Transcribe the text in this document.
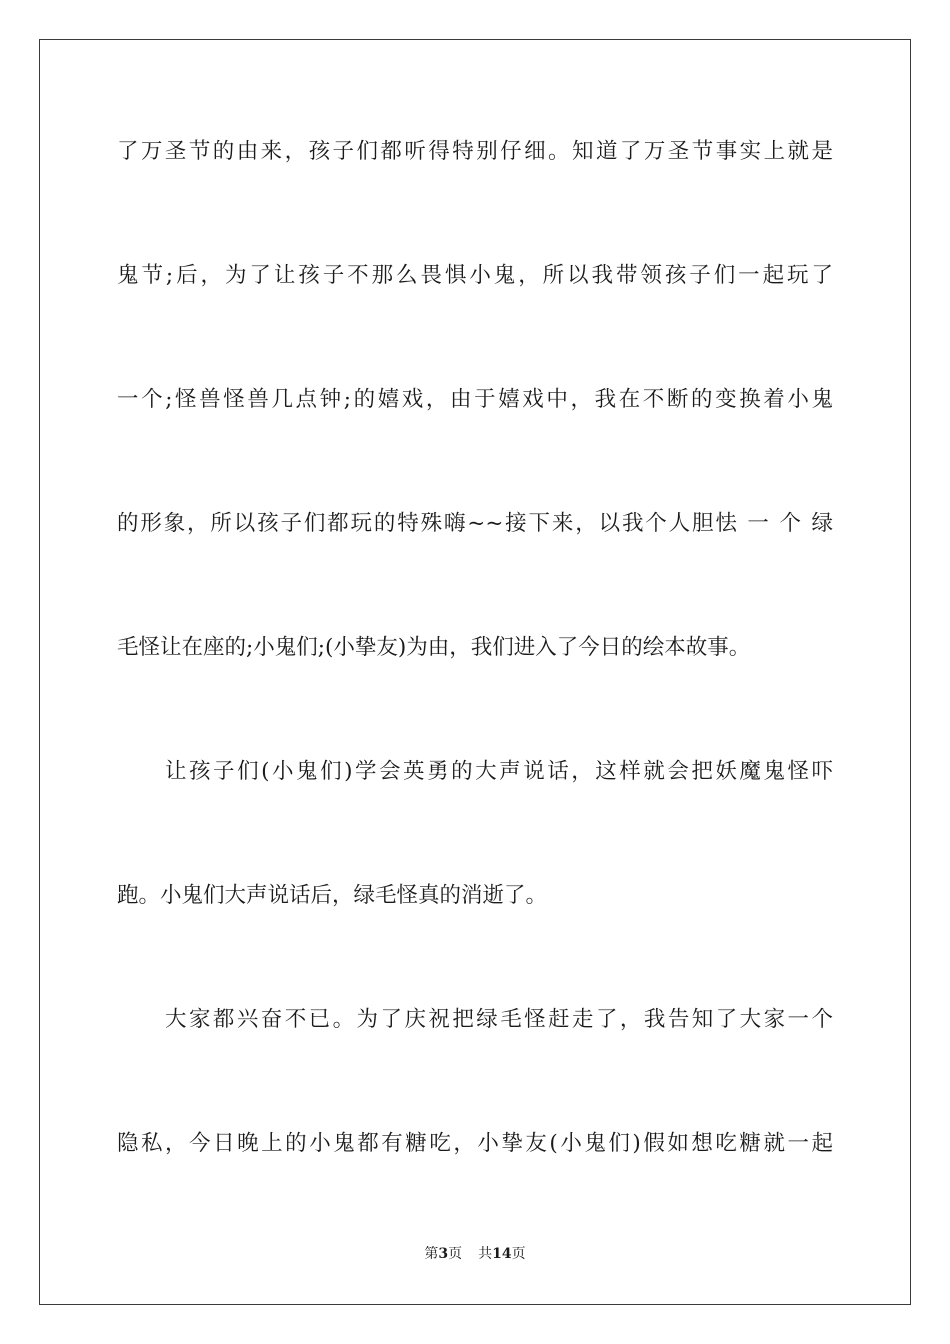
了万圣节的由来，孩子们都听得特别仔细。知道了万圣节事实上就是
鬼节;后，为了让孩子不那么畏惧小鬼，所以我带领孩子们一起玩了
一个;怪兽怪兽几点钟;的嬉戏，由于嬉戏中，我在不断的变换着小鬼
的形象，所以孩子们都玩的特殊嗨~~接下来，以我个人胆怯 一 个 绿
毛怪让在座的;小鬼们;(小挚友)为由，我们进入了今日的绘本故事。
让孩子们(小鬼们)学会英勇的大声说话，这样就会把妖魔鬼怪吓
跑。小鬼们大声说话后，绿毛怪真的消逝了。
大家都兴奋不已。为了庆祝把绿毛怪赶走了，我告知了大家一个
隐私，今日晚上的小鬼都有糖吃，小挚友(小鬼们)假如想吃糖就一起
第3页 共14页
